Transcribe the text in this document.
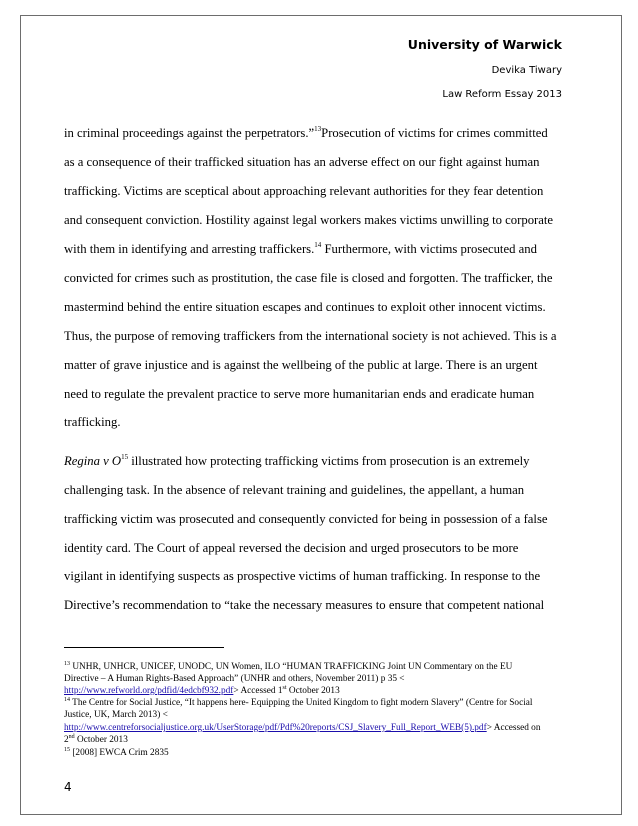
University of Warwick
Devika Tiwary
Law Reform Essay 2013
in criminal proceedings against the perpetrators.”$^{13}$Prosecution of victims for crimes committed
as a consequence of their trafficked situation has an adverse effect on our fight against human
trafficking. Victims are sceptical about approaching relevant authorities for they fear detention
and consequent conviction. Hostility against legal workers makes victims unwilling to corporate
with them in identifying and arresting traffickers.$^{14}$ Furthermore, with victims prosecuted and
convicted for crimes such as prostitution, the case file is closed and forgotten. The trafficker, the
mastermind behind the entire situation escapes and continues to exploit other innocent victims.
Thus, the purpose of removing traffickers from the international society is not achieved. This is a
matter of grave injustice and is against the wellbeing of the public at large. There is an urgent
need to regulate the prevalent practice to serve more humanitarian ends and eradicate human
trafficking.
Regina v $O^{15}$ illustrated how protecting trafficking victims from prosecution is an extremely
challenging task. In the absence of relevant training and guidelines, the appellant, a human
trafficking victim was prosecuted and consequently convicted for being in possession of a false
identity card. The Court of appeal reversed the decision and urged prosecutors to be more
vigilant in identifying suspects as prospective victims of human trafficking. In response to the
Directive’s recommendation to “take the necessary measures to ensure that competent national
$^{13}$ UNHR, UNHCR, UNICEF, UNODC, UN Women, ILO “HUMAN TRAFFICKING Joint UN Commentary on the EU
Directive – A Human Rights-Based Approach” (UNHR and others, November 2011) p 35 <
http://www.refworld.org/pdfid/4edcbf932.pdf> Accessed 1st October 2013
$^{14}$ The Centre for Social Justice, “It happens here- Equipping the United Kingdom to fight modern Slavery” (Centre for Social
Justice, UK, March 2013) <
http://www.centreforsocialjustice.org.uk/UserStorage/pdf/Pdf%20reports/CSJ_Slavery_Full_Report_WEB(5).pdf> Accessed on
2nd October 2013
$^{15}$ [2008] EWCA Crim 2835
4
